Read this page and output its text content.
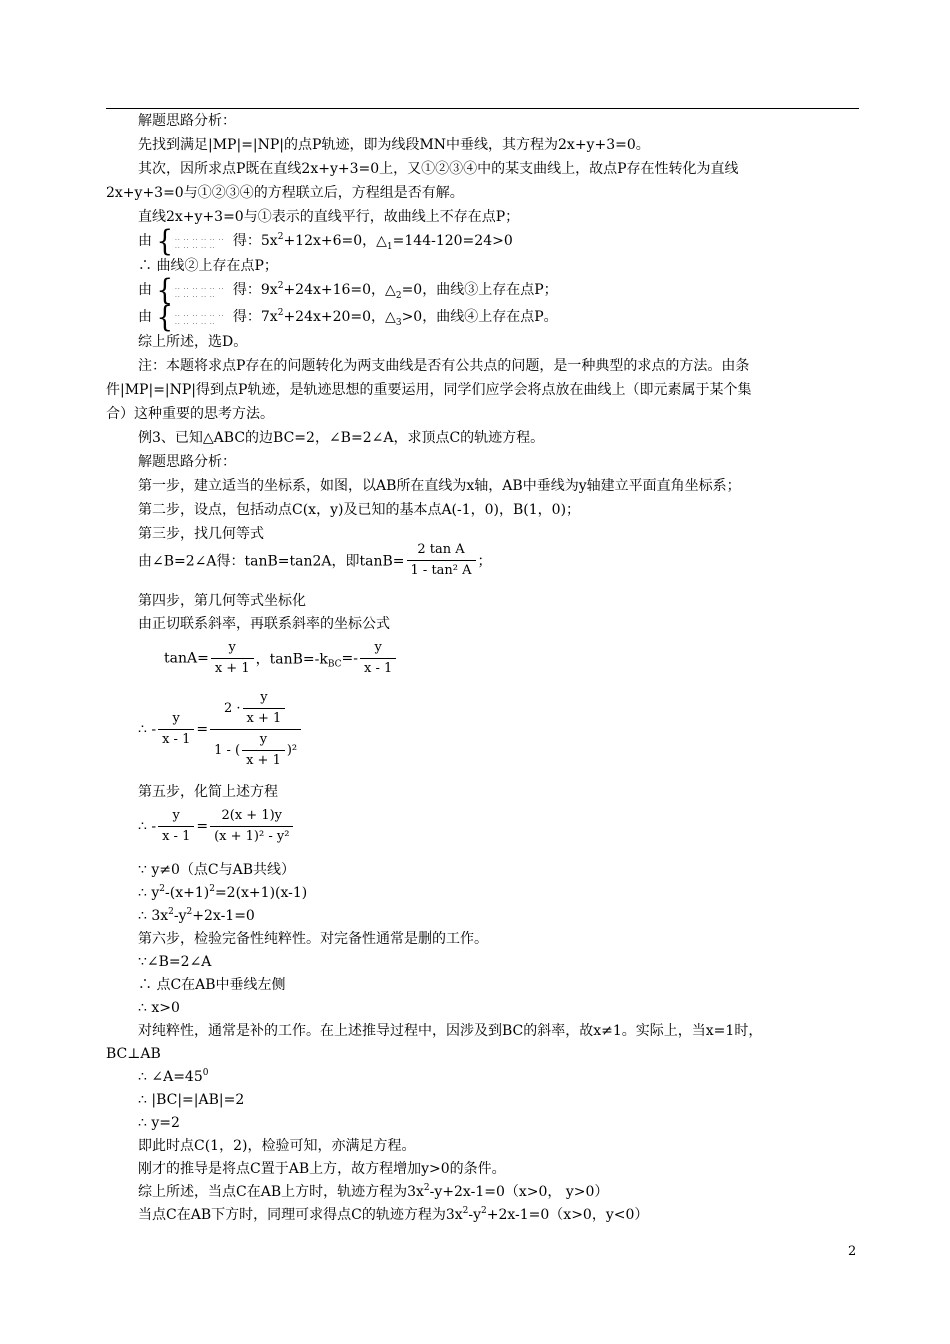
解题思路分析：
先找到满足|MP|=|NP|的点P轨迹，即为线段MN中垂线，其方程为2x+y+3=0。
其次，因所求点P既在直线2x+y+3=0上，又①②③④中的某支曲线上，故点P存在性转化为直线
2x+y+3=0与①②③④的方程联立后，方程组是否有解。
直线2x+y+3=0与①表示的直线平行，故曲线上不存在点P；
由 { ·· ·· ·· ·· ·· ··
·· ·· ·· ·· ··	得：$5x^2+12x+6=0$，$\triangle_1=144-120=24>0$
∴ 曲线②上存在点P；
由 { ·· ·· ·· ·· ·· ··
·· ·· ·· ·· ··	得：$9x^2+24x+16=0$，$\triangle_2=0$，曲线③上存在点P；
由 { ·· ·· ·· ·· ·· ··
·· ·· ·· ·· ··	得：$7x^2+24x+20=0$，$\triangle_3>0$，曲线④上存在点P。
综上所述，选D。
注：本题将求点P存在的问题转化为两支曲线是否有公共点的问题，是一种典型的求点的方法。由条
件|MP|=|NP|得到点P轨迹，是轨迹思想的重要运用，同学们应学会将点放在曲线上（即元素属于某个集
合）这种重要的思考方法。
例3、已知△ABC的边BC=2，∠B=2∠A，求顶点C的轨迹方程。
解题思路分析：
第一步，建立适当的坐标系，如图，以AB所在直线为x轴，AB中垂线为y轴建立平面直角坐标系；
第二步，设点，包括动点C(x，y)及已知的基本点A(-1，0)，B(1，0)；
第三步，找几何等式
由∠B=2∠A得：tanB=tan2A，即$\tan B= \frac{\text{2 tan A}}{\text{1 - tan² A}}$ ；
第四步，第几何等式坐标化
由正切联系斜率，再联系斜率的坐标公式
$\tan A= \frac{y}{x + 1}$ ，$\tan B=-k_{BC}=- \frac{y}{x - 1}$
∴ - $\frac{y}{x - 1} = \frac{2 \cdot \frac{y}{x + 1}}{1 - ( \frac{y}{x + 1} )^2}$
第五步，化简上述方程
∴ - $\frac{y}{x - 1} = \frac{2(x + 1)y}{\text{(x + 1)² - y²}}$
∵ y≠0（点C与AB共线）
∴ $y^2-(x+1)^2=2(x+1)(x-1)$
∴ $3x^2-y^2+2x-1=0$
第六步，检验完备性纯粹性。对完备性通常是删的工作。
∵∠B=2∠A
∴ 点C在AB中垂线左侧
∴ x>0
对纯粹性，通常是补的工作。在上述推导过程中，因涉及到BC的斜率，故x≠1。实际上，当x=1时，
BC⊥AB
∴ $\angle A=45^0$
∴ |BC|=|AB|=2
∴ y=2
即此时点C(1，2)，检验可知，亦满足方程。
刚才的推导是将点C置于AB上方，故方程增加y>0的条件。
综上所述，当点C在AB上方时，轨迹方程为$3x^2-y+2x-1=0(x>0$， y>0）
当点C在AB下方时，同理可求得点C的轨迹方程为$3x^2-y^2+2x-1=0(x>0$，y<0）
2
